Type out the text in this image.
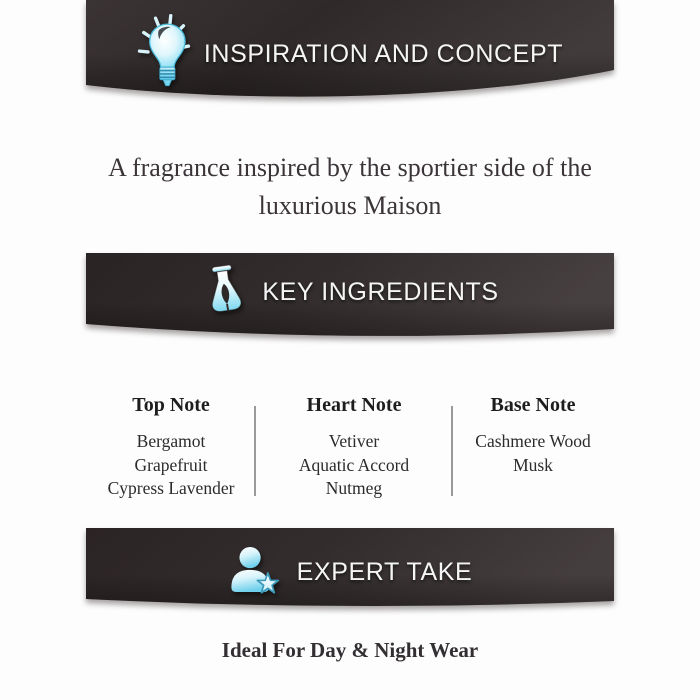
INSPIRATION AND CONCEPT
A fragrance inspired by the sportier side of the luxurious Maison
KEY INGREDIENTS
Top Note
Bergamot
Grapefruit
Cypress Lavender
Heart Note
Vetiver
Aquatic Accord
Nutmeg
Base Note
Cashmere Wood
Musk
EXPERT TAKE
Ideal For Day & Night Wear
